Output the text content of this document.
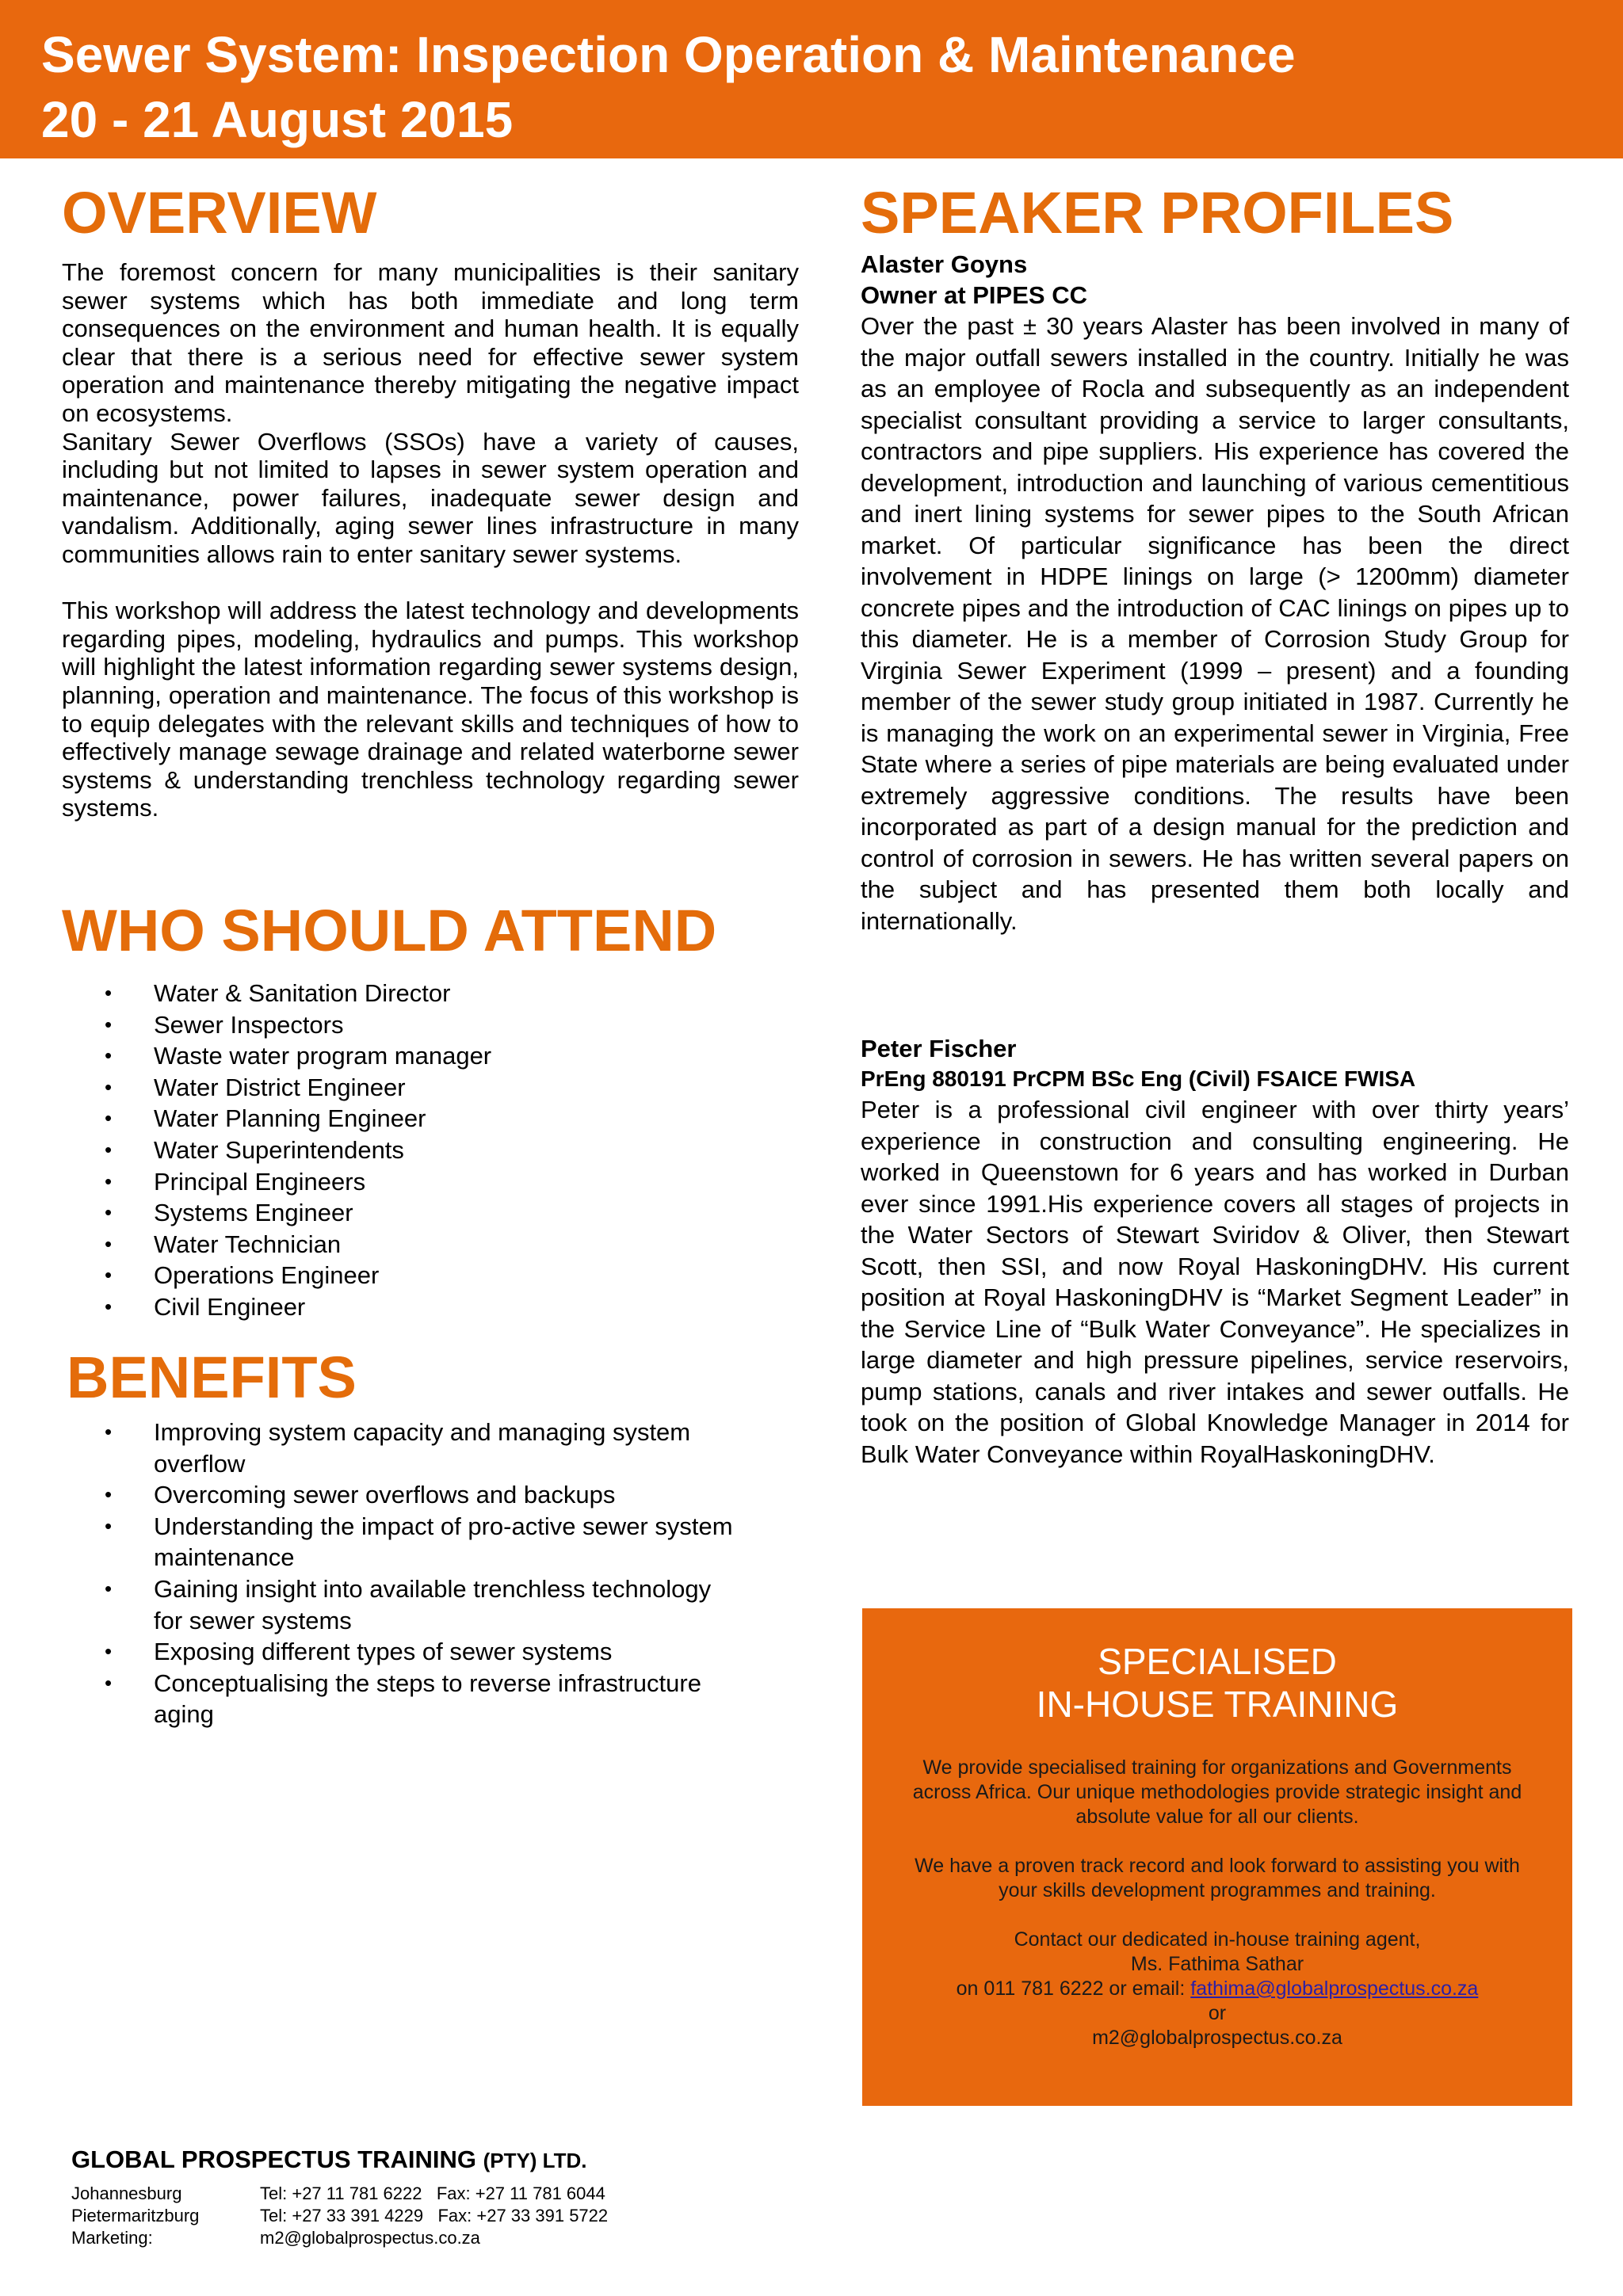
Sewer System: Inspection Operation & Maintenance
20 - 21 August 2015
OVERVIEW

The foremost concern for many municipalities is their sanitary sewer systems which has both immediate and long term consequences on the environment and human health. It is equally clear that there is a serious need for effective sewer system operation and maintenance thereby mitigating the negative impact on ecosystems.

Sanitary Sewer Overflows (SSOs) have a variety of causes, including but not limited to lapses in sewer system operation and maintenance, power failures, inadequate sewer design and vandalism. Additionally, aging sewer lines infrastructure in many communities allows rain to enter sanitary sewer systems.

This workshop will address the latest technology and developments regarding pipes, modeling, hydraulics and pumps. This workshop will highlight the latest information regarding sewer systems design, planning, operation and maintenance. The focus of this workshop is to equip delegates with the relevant skills and techniques of how to effectively manage sewage drainage and related waterborne sewer systems & understanding trenchless technology regarding sewer systems.

WHO SHOULD ATTEND
• Water & Sanitation Director
• Sewer Inspectors
• Waste water program manager
• Water District Engineer
• Water Planning Engineer
• Water Superintendents
• Principal Engineers
• Systems Engineer
• Water Technician
• Operations Engineer
• Civil Engineer
BENEFITS
• Improving system capacity and managing system overflow
• Overcoming sewer overflows and backups
• Understanding the impact of pro-active sewer system maintenance
• Gaining insight into available trenchless technology for sewer systems
• Exposing different types of sewer systems
• Conceptualising the steps to reverse infrastructure aging
SPEAKER PROFILES

Alaster Goyns

Owner at PIPES CC

Over the past ± 30 years Alaster has been involved in many of the major outfall sewers installed in the country. Initially he was as an employee of Rocla and subsequently as an independent specialist consultant providing a service to larger consultants, contractors and pipe suppliers. His experience has covered the development, introduction and launching of various cementitious and inert lining systems for sewer pipes to the South African market. Of particular significance has been the direct involvement in HDPE linings on large (> 1200mm) diameter concrete pipes and the introduction of CAC linings on pipes up to this diameter. He is a member of Corrosion Study Group for Virginia Sewer Experiment (1999 – present) and a founding member of the sewer study group initiated in 1987. Currently he is managing the work on an experimental sewer in Virginia, Free State where a series of pipe materials are being evaluated under extremely aggressive conditions. The results have been incorporated as part of a design manual for the prediction and control of corrosion in sewers. He has written several papers on the subject and has presented them both locally and internationally.

Peter Fischer

PrEng 880191 PrCPM BSc Eng (Civil) FSAICE FWISA

Peter is a professional civil engineer with over thirty years’ experience in construction and consulting engineering. He worked in Queenstown for 6 years and has worked in Durban ever since 1991.His experience covers all stages of projects in the Water Sectors of Stewart Sviridov & Oliver, then Stewart Scott, then SSI, and now Royal HaskoningDHV. His current position at Royal HaskoningDHV is “Market Segment Leader” in the Service Line of “Bulk Water Conveyance”. He specializes in large diameter and high pressure pipelines, service reservoirs, pump stations, canals and river intakes and sewer outfalls. He took on the position of Global Knowledge Manager in 2014 for Bulk Water Conveyance within RoyalHaskoningDHV.

SPECIALISED

IN-HOUSE TRAINING

We provide specialised training for organizations and Governments across Africa. Our unique methodologies provide strategic insight and absolute value for all our clients.

We have a proven track record and look forward to assisting you with your skills development programmes and training.

Contact our dedicated in-house training agent,

Ms. Fathima Sathar

on 011 781 6222 or email: fathima@globalprospectus.co.za

or

m2@globalprospectus.co.za

GLOBAL PROSPECTUS TRAINING (PTY) LTD.

Johannesburg	Tel: +27 11 781 6222   Fax: +27 11 781 6044
Pietermaritzburg	Tel: +27 33 391 4229   Fax: +27 33 391 5722
Marketing:	m2@globalprospectus.co.za
